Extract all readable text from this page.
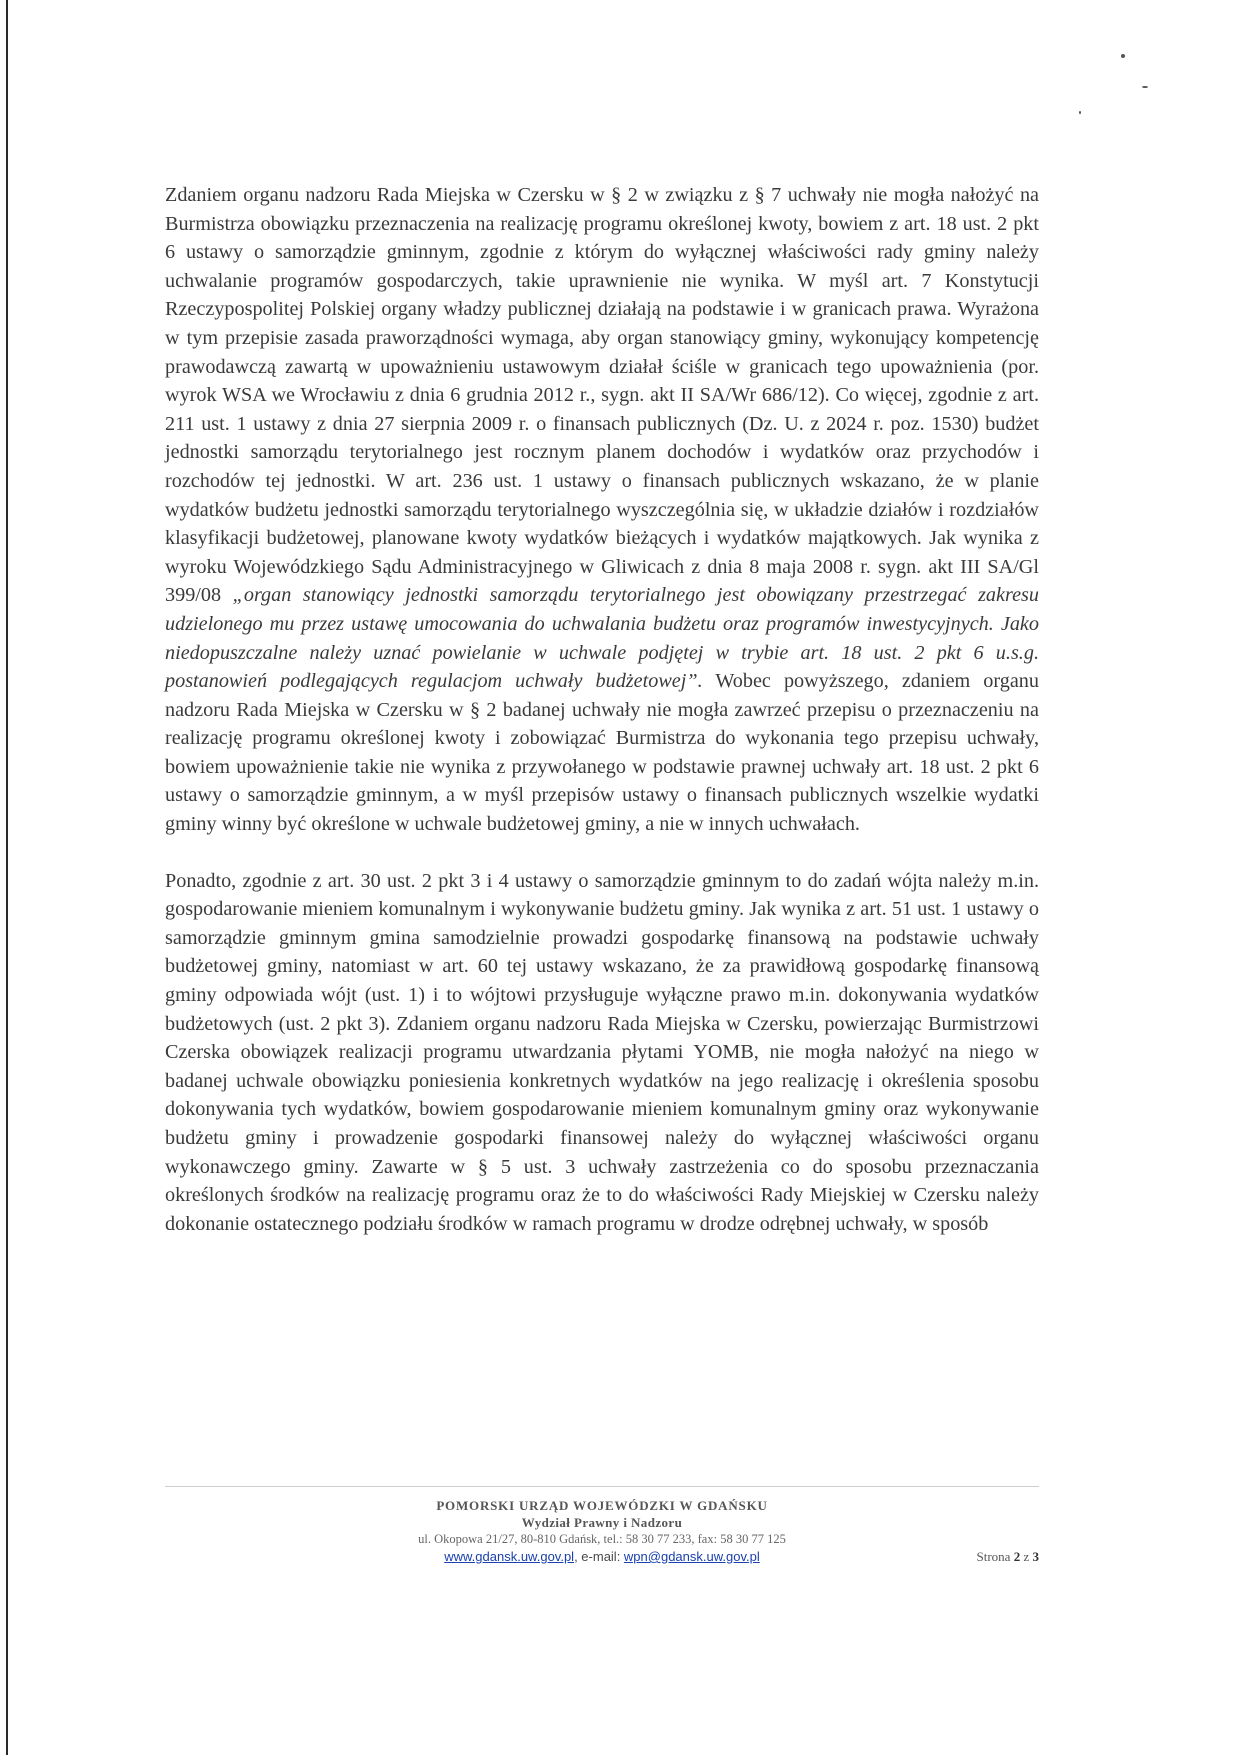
Zdaniem organu nadzoru Rada Miejska w Czersku w § 2 w związku z § 7 uchwały nie mogła nałożyć na Burmistrza obowiązku przeznaczenia na realizację programu określonej kwoty, bowiem z art. 18 ust. 2 pkt 6 ustawy o samorządzie gminnym, zgodnie z którym do wyłącznej właściwości rady gminy należy uchwalanie programów gospodarczych, takie uprawnienie nie wynika. W myśl art. 7 Konstytucji Rzeczypospolitej Polskiej organy władzy publicznej działają na podstawie i w granicach prawa. Wyrażona w tym przepisie zasada praworządności wymaga, aby organ stanowiący gminy, wykonujący kompetencję prawodawczą zawartą w upoważnieniu ustawowym działał ściśle w granicach tego upoważnienia (por. wyrok WSA we Wrocławiu z dnia 6 grudnia 2012 r., sygn. akt II SA/Wr 686/12). Co więcej, zgodnie z art. 211 ust. 1 ustawy z dnia 27 sierpnia 2009 r. o finansach publicznych (Dz. U. z 2024 r. poz. 1530) budżet jednostki samorządu terytorialnego jest rocznym planem dochodów i wydatków oraz przychodów i rozchodów tej jednostki. W art. 236 ust. 1 ustawy o finansach publicznych wskazano, że w planie wydatków budżetu jednostki samorządu terytorialnego wyszczególnia się, w układzie działów i rozdziałów klasyfikacji budżetowej, planowane kwoty wydatków bieżących i wydatków majątkowych. Jak wynika z wyroku Wojewódzkiego Sądu Administracyjnego w Gliwicach z dnia 8 maja 2008 r. sygn. akt III SA/Gl 399/08 „organ stanowiący jednostki samorządu terytorialnego jest obowiązany przestrzegać zakresu udzielonego mu przez ustawę umocowania do uchwalania budżetu oraz programów inwestycyjnych. Jako niedopuszczalne należy uznać powielanie w uchwale podjętej w trybie art. 18 ust. 2 pkt 6 u.s.g. postanowień podlegających regulacjom uchwały budżetowej”. Wobec powyższego, zdaniem organu nadzoru Rada Miejska w Czersku w § 2 badanej uchwały nie mogła zawrzeć przepisu o przeznaczeniu na realizację programu określonej kwoty i zobowiązać Burmistrza do wykonania tego przepisu uchwały, bowiem upoważnienie takie nie wynika z przywołanego w podstawie prawnej uchwały art. 18 ust. 2 pkt 6 ustawy o samorządzie gminnym, a w myśl przepisów ustawy o finansach publicznych wszelkie wydatki gminy winny być określone w uchwale budżetowej gminy, a nie w innych uchwałach.

Ponadto, zgodnie z art. 30 ust. 2 pkt 3 i 4 ustawy o samorządzie gminnym to do zadań wójta należy m.in. gospodarowanie mieniem komunalnym i wykonywanie budżetu gminy. Jak wynika z art. 51 ust. 1 ustawy o samorządzie gminnym gmina samodzielnie prowadzi gospodarkę finansową na podstawie uchwały budżetowej gminy, natomiast w art. 60 tej ustawy wskazano, że za prawidłową gospodarkę finansową gminy odpowiada wójt (ust. 1) i to wójtowi przysługuje wyłączne prawo m.in. dokonywania wydatków budżetowych (ust. 2 pkt 3). Zdaniem organu nadzoru Rada Miejska w Czersku, powierzając Burmistrzowi Czerska obowiązek realizacji programu utwardzania płytami YOMB, nie mogła nałożyć na niego w badanej uchwale obowiązku poniesienia konkretnych wydatków na jego realizację i określenia sposobu dokonywania tych wydatków, bowiem gospodarowanie mieniem komunalnym gminy oraz wykonywanie budżetu gminy i prowadzenie gospodarki finansowej należy do wyłącznej właściwości organu wykonawczego gminy. Zawarte w § 5 ust. 3 uchwały zastrzeżenia co do sposobu przeznaczania określonych środków na realizację programu oraz że to do właściwości Rady Miejskiej w Czersku należy dokonanie ostatecznego podziału środków w ramach programu w drodze odrębnej uchwały, w sposób

POMORSKI URZĄD WOJEWÓDZKI W GDAŃSKU
Wydział Prawny i Nadzoru
ul. Okopowa 21/27, 80-810 Gdańsk, tel.: 58 30 77 233, fax: 58 30 77 125
www.gdansk.uw.gov.pl, e-mail: wpn@gdansk.uw.gov.pl	Strona 2 z 3
